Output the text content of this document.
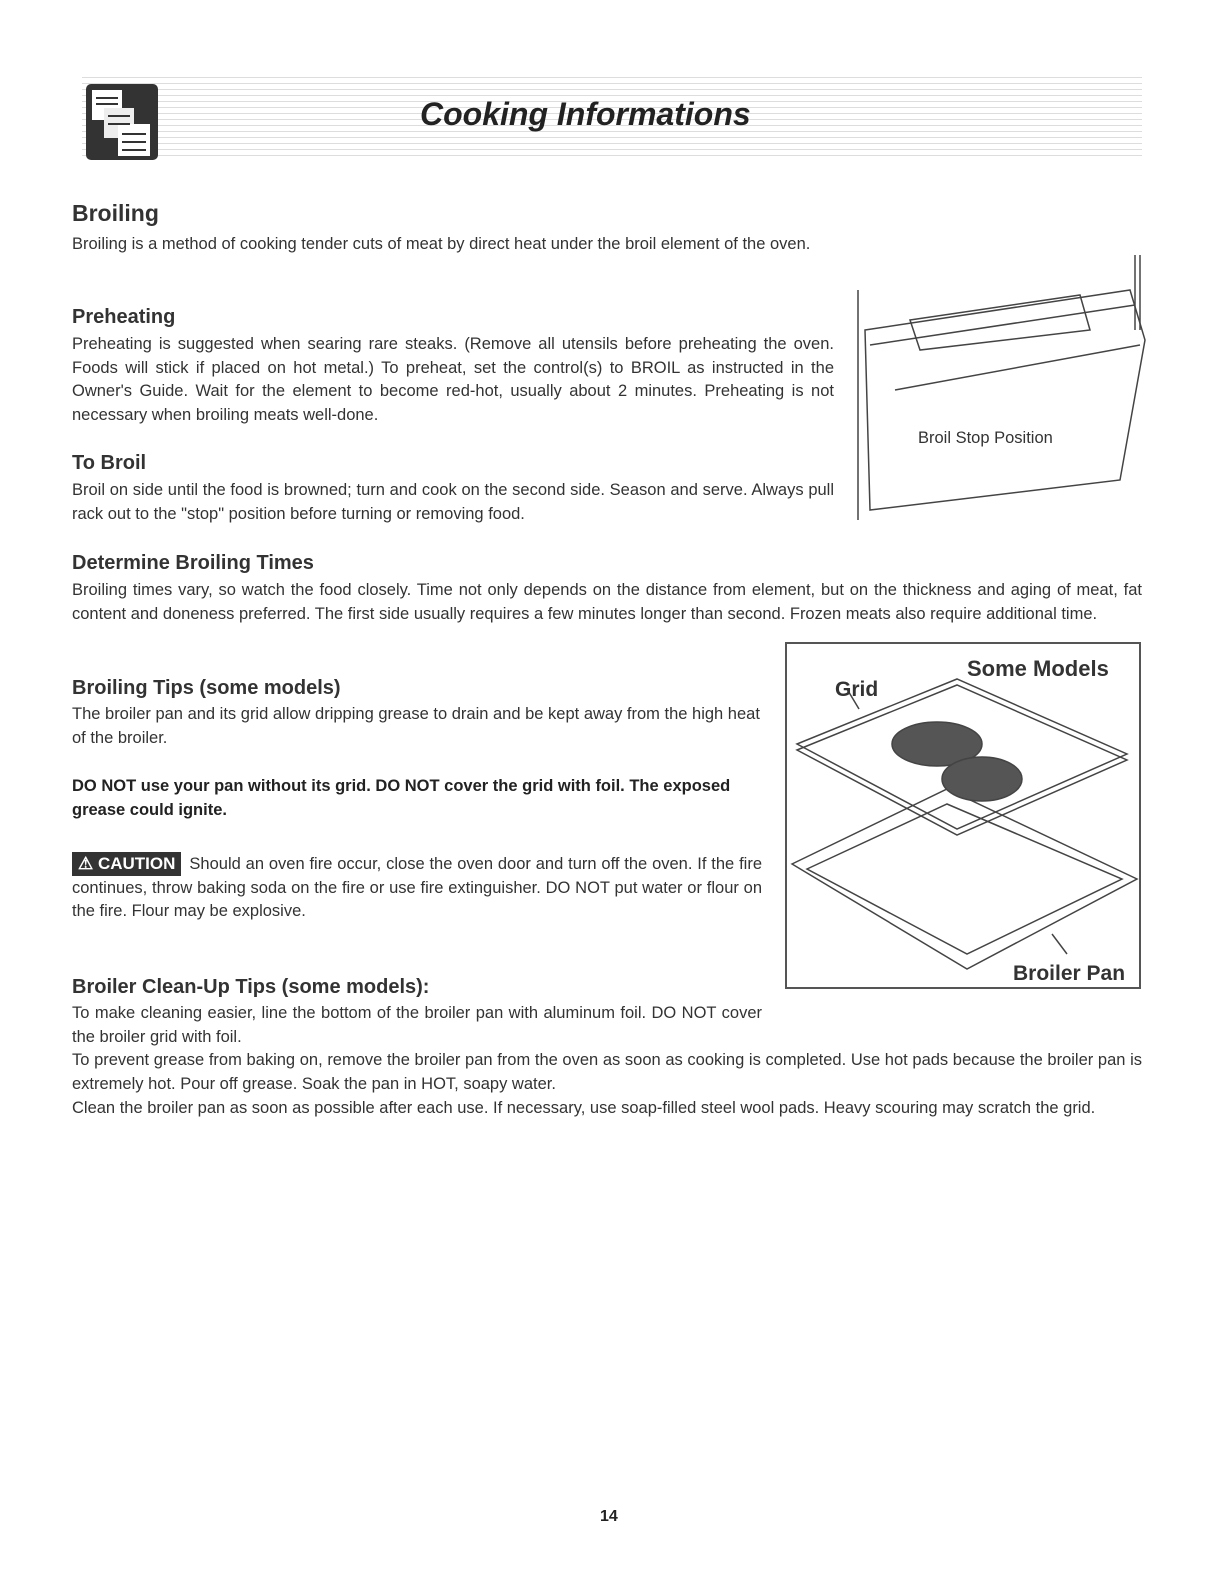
Cooking Informations
Broiling
Broiling is a method of cooking tender cuts of meat by direct heat under the broil element of the oven.
Preheating
Preheating is suggested when searing rare steaks. (Remove all utensils before preheating the oven. Foods will stick if placed on hot metal.) To preheat, set the control(s) to BROIL as instructed in the Owner's Guide. Wait for the element to become red-hot, usually about 2 minutes. Preheating is not necessary when broiling meats well-done.
To Broil
Broil on side until the food is browned; turn and cook on the second side. Season and serve. Always pull rack out to the "stop" position before turning or removing food.
Broil Stop Position
Determine Broiling Times
Broiling times vary, so watch the food closely. Time not only depends on the distance from element, but on the thickness and aging of meat, fat content and doneness preferred. The first side usually requires a few minutes longer than second. Frozen meats also require additional time.
Broiling Tips (some models)
The broiler pan and its grid allow dripping grease to drain and be kept away from the high heat of the broiler.
DO NOT use your pan without its grid. DO NOT cover the grid with foil. The exposed grease could ignite.
⚠ CAUTION Should an oven fire occur, close the oven door and turn off the oven. If the fire continues, throw baking soda on the fire or use fire extinguisher. DO NOT put water or flour on the fire. Flour may be explosive.
Some Models
Grid
Broiler Pan
Broiler Clean-Up Tips (some models):
To make cleaning easier, line the bottom of the broiler pan with aluminum foil. DO NOT cover the broiler grid with foil.
To prevent grease from baking on, remove the broiler pan from the oven as soon as cooking is completed. Use hot pads because the broiler pan is extremely hot. Pour off grease. Soak the pan in HOT, soapy water.
Clean the broiler pan as soon as possible after each use. If necessary, use soap-filled steel wool pads. Heavy scouring may scratch the grid.
14
